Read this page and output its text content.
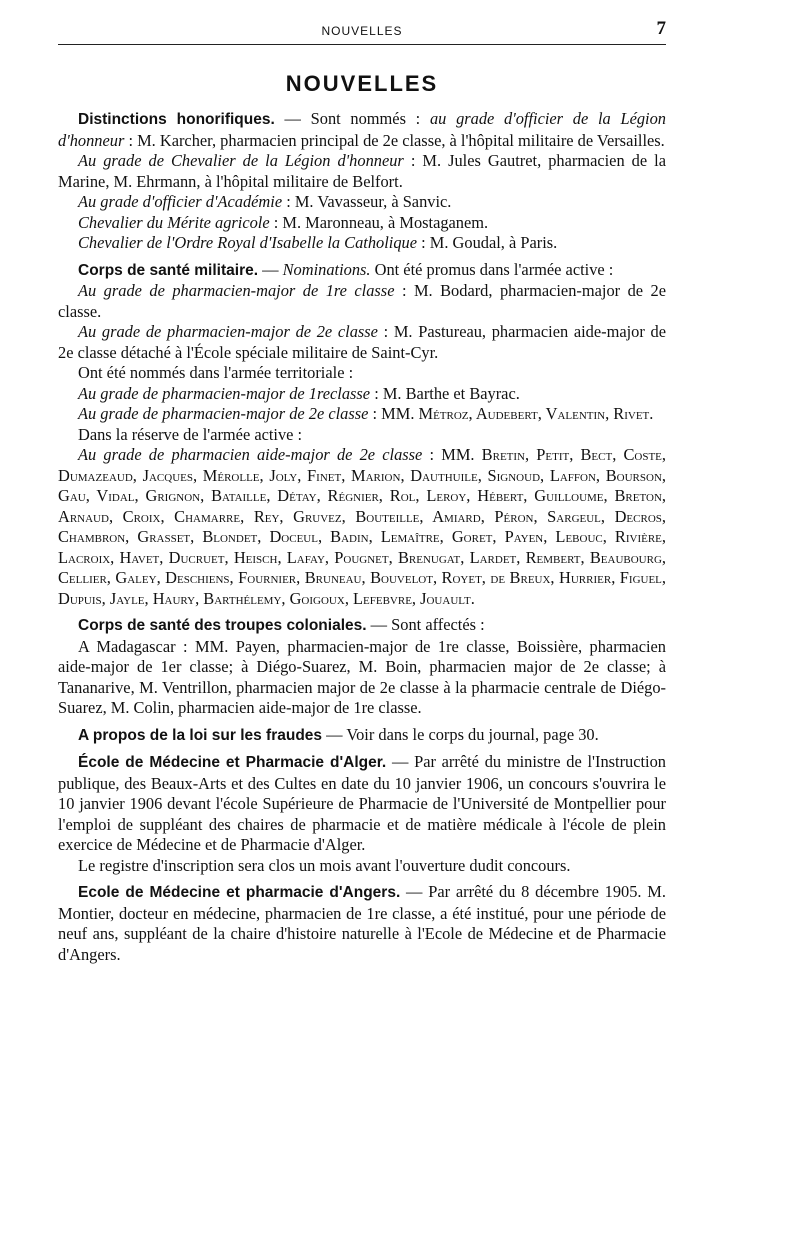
NOUVELLES	7
NOUVELLES

Distinctions honorifiques. — Sont nommés : au grade d'officier de la Légion d'honneur : M. Karcher, pharmacien principal de 2e classe, à l'hôpital militaire de Versailles.

Au grade de Chevalier de la Légion d'honneur : M. Jules Gautret, pharmacien de la Marine, M. Ehrmann, à l'hôpital militaire de Belfort.

Au grade d'officier d'Académie : M. Vavasseur, à Sanvic.

Chevalier du Mérite agricole : M. Maronneau, à Mostaganem.

Chevalier de l'Ordre Royal d'Isabelle la Catholique : M. Goudal, à Paris.

Corps de santé militaire. — Nominations. Ont été promus dans l'armée active :

Au grade de pharmacien-major de 1re classe : M. Bodard, pharmacien-major de 2e classe.

Au grade de pharmacien-major de 2e classe : M. Pastureau, pharmacien aide-major de 2e classe détaché à l'École spéciale militaire de Saint-Cyr.

Ont été nommés dans l'armée territoriale :

Au grade de pharmacien-major de 1reclasse : M. Barthe et Bayrac.

Au grade de pharmacien-major de 2e classe : MM. Métroz, Audebert, Valentin, Rivet.

Dans la réserve de l'armée active :

Au grade de pharmacien aide-major de 2e classe : MM. Bretin, Petit, Bect, Coste, Dumazeaud, Jacques, Mérolle, Joly, Finet, Marion, Dauthuile, Signoud, Laffon, Bourson, Gau, Vidal, Grignon, Bataille, Détay, Régnier, Rol, Leroy, Hébert, Guilloume, Breton, Arnaud, Croix, Chamarre, Rey, Gruvez, Bouteille, Amiard, Péron, Sargeul, Decros, Chambron, Grasset, Blondet, Doceul, Badin, Lemaître, Goret, Payen, Lebouc, Rivière, Lacroix, Havet, Ducruet, Heisch, Lafay, Pougnet, Brenugat, Lardet, Rembert, Beaubourg, Cellier, Galey, Deschiens, Fournier, Bruneau, Bouvelot, Royet, de Breux, Hurrier, Figuel, Dupuis, Jayle, Haury, Barthélemy, Goigoux, Lefebvre, Jouault.

Corps de santé des troupes coloniales. — Sont affectés :

A Madagascar : MM. Payen, pharmacien-major de 1re classe, Boissière, pharmacien aide-major de 1er classe; à Diégo-Suarez, M. Boin, pharmacien major de 2e classe; à Tananarive, M. Ventrillon, pharmacien major de 2e classe à la pharmacie centrale de Diégo-Suarez, M. Colin, pharmacien aide-major de 1re classe.

A propos de la loi sur les fraudes — Voir dans le corps du journal, page 30.

École de Médecine et Pharmacie d'Alger. — Par arrêté du ministre de l'Instruction publique, des Beaux-Arts et des Cultes en date du 10 janvier 1906, un concours s'ouvrira le 10 janvier 1906 devant l'école Supérieure de Pharmacie de l'Université de Montpellier pour l'emploi de suppléant des chaires de pharmacie et de matière médicale à l'école de plein exercice de Médecine et de Pharmacie d'Alger.

Le registre d'inscription sera clos un mois avant l'ouverture dudit concours.

Ecole de Médecine et pharmacie d'Angers. — Par arrêté du 8 décembre 1905. M. Montier, docteur en médecine, pharmacien de 1re classe, a été institué, pour une période de neuf ans, suppléant de la chaire d'histoire naturelle à l'Ecole de Médecine et de Pharmacie d'Angers.
